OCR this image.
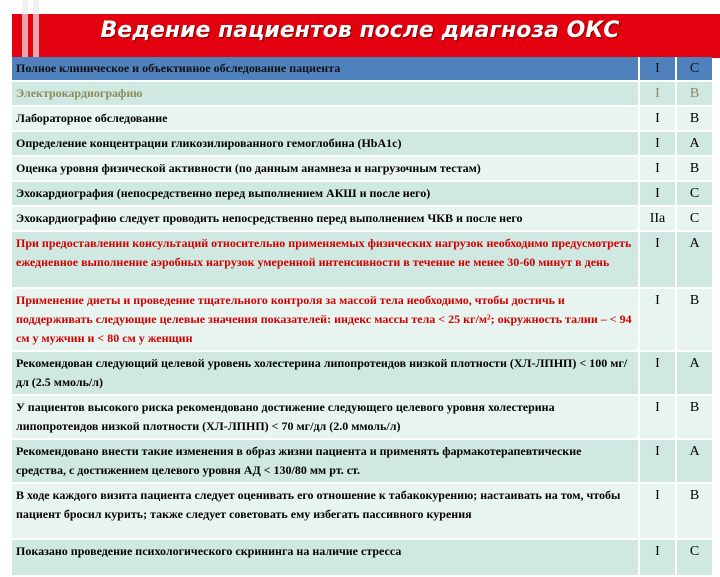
Ведение пациентов после диагноза ОКС
Полное клиническое и объективное обследование пациента	I	C
Электрокардиографию	I	B
Лабораторное обследование	I	B
Определение концентрации гликозилированного гемоглобина (HbA1c)	I	A
Оценка уровня физической активности (по данным анамнеза и нагрузочным тестам)	I	B
Эхокардиография (непосредственно перед выполнением АКШ и после него)	I	C
Эхокардиографию следует проводить непосредственно перед выполнением ЧКВ и после него	IIa	C
При предоставлении консультаций относительно применяемых физических нагрузок необходимо предусмотреть ежедневное выполнение аэробных нагрузок умеренной интенсивности в течение не менее 30-60 минут в день	I	A
Применение диеты и проведение тщательного контроля за массой тела необходимо, чтобы достичь и поддерживать следующие целевые значения показателей: индекс массы тела < 25 кг/м²; окружность талии – < 94 см у мужчин и < 80 см у женщин	I	B
Рекомендован следующий целевой уровень холестерина липопротеидов низкой плотности (ХЛ-ЛПНП) < 100 мг/дл (2.5 ммоль/л)	I	A
У пациентов высокого риска рекомендовано достижение следующего целевого уровня холестерина липопротеидов низкой плотности (ХЛ-ЛПНП) < 70 мг/дл (2.0 ммоль/л)	I	B
Рекомендовано внести такие изменения в образ жизни пациента и применять фармакотерапевтические средства, с достижением целевого уровня АД < 130/80 мм рт. ст.	I	A
В ходе каждого визита пациента следует оценивать его отношение к табакокурению; настаивать на том, чтобы пациент бросил курить; также следует советовать ему избегать пассивного курения	I	B
Показано проведение психологического скрининга на наличие стресса	I	C
